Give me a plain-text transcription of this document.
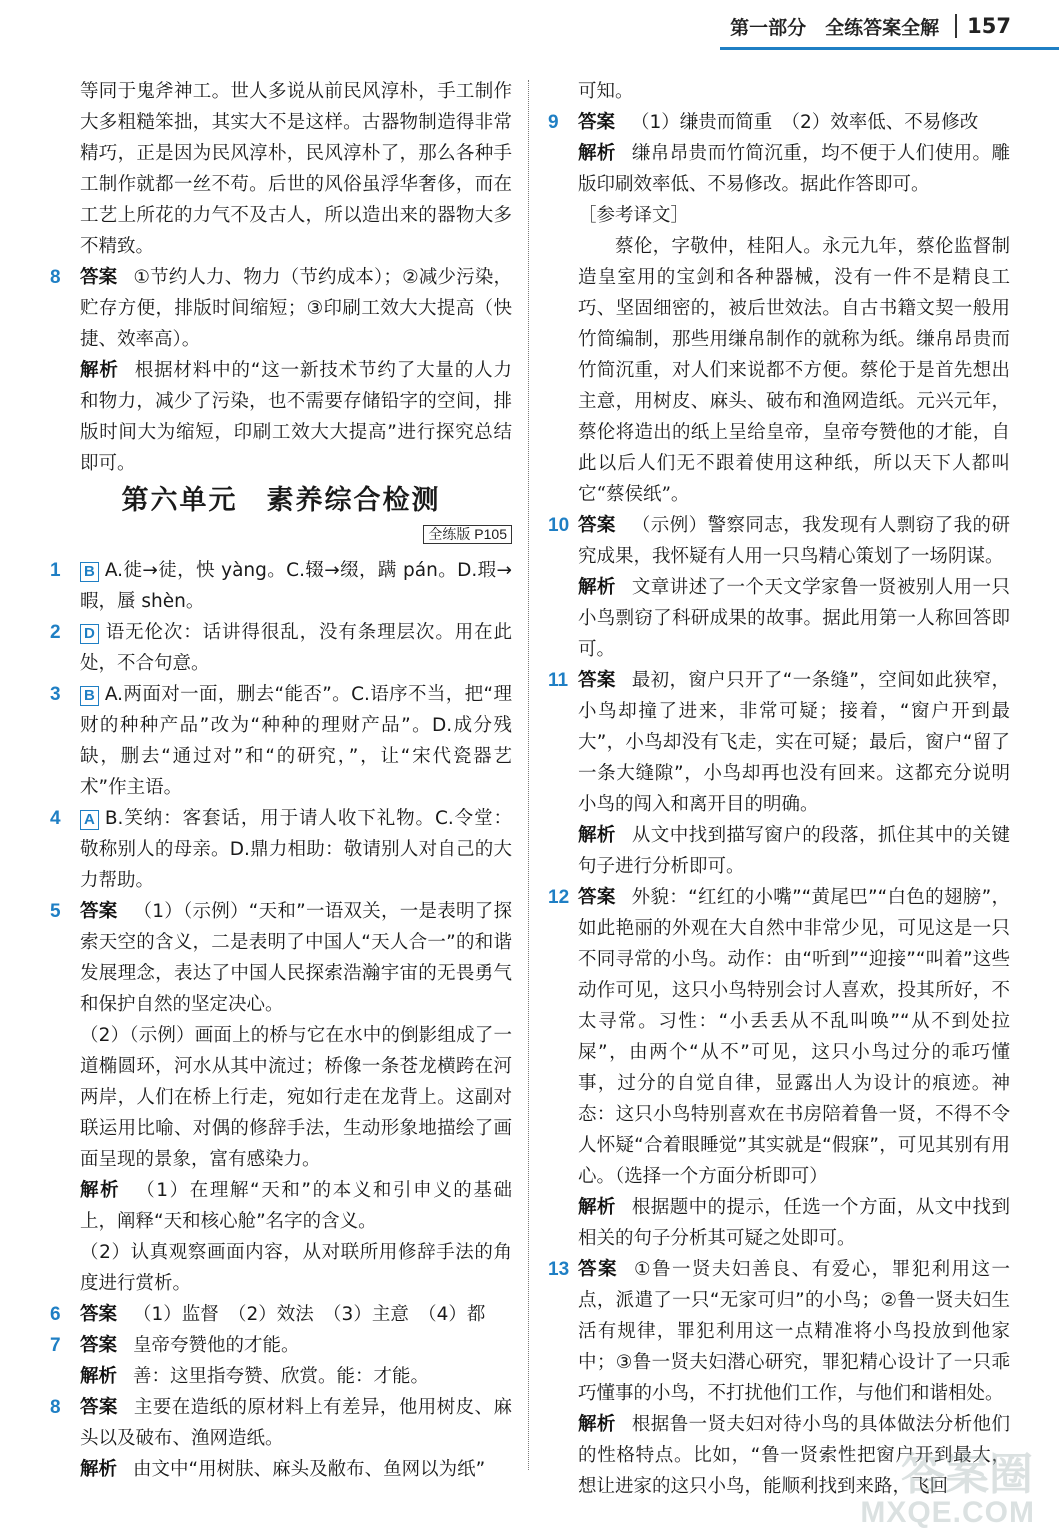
第一部分　全练答案全解	157

等同于鬼斧神工。世人多说从前民风淳朴，手工制作大多粗糙笨拙，其实大不是这样。古器物制造得非常精巧，正是因为民风淳朴，民风淳朴了，那么各种手工制作就都一丝不苟。后世的风俗虽浮华奢侈，而在工艺上所花的力气不及古人，所以造出来的器物大多不精致。

8 答案 ①节约人力、物力（节约成本）；②减少污染，贮存方便，排版时间缩短；③印刷工效大大提高（快捷、效率高）。

解析 根据材料中的“这一新技术节约了大量的人力和物力，减少了污染，也不需要存储铅字的空间，排版时间大为缩短，印刷工效大大提高”进行探究总结即可。

第六单元　素养综合检测
全练版 P105

1 B A.徙→徒，怏 yàng。C.辍→缀，蹒 pán。D.瑕→暇，蜃 shèn。

2 D 语无伦次：话讲得很乱，没有条理层次。用在此处，不合句意。

3 B A.两面对一面，删去“能否”。C.语序不当，把“理财的种种产品”改为“种种的理财产品”。D.成分残缺，删去“通过对”和“的研究，”，让“宋代瓷器艺术”作主语。

4 A B.笑纳：客套话，用于请人收下礼物。C.令堂：敬称别人的母亲。D.鼎力相助：敬请别人对自己的大力帮助。

5 答案 （1）（示例）“天和”一语双关，一是表明了探索天空的含义，二是表明了中国人“天人合一”的和谐发展理念，表达了中国人民探索浩瀚宇宙的无畏勇气和保护自然的坚定决心。

（2）（示例）画面上的桥与它在水中的倒影组成了一道椭圆环，河水从其中流过；桥像一条苍龙横跨在河两岸，人们在桥上行走，宛如行走在龙背上。这副对联运用比喻、对偶的修辞手法，生动形象地描绘了画面呈现的景象，富有感染力。

解析 （1）在理解“天和”的本义和引申义的基础上，阐释“天和核心舱”名字的含义。

（2）认真观察画面内容，从对联所用修辞手法的角度进行赏析。

6 答案 （1）监督　（2）效法　（3）主意　（4）都

7 答案 皇帝夸赞他的才能。

解析 善：这里指夸赞、欣赏。能：才能。

8 答案 主要在造纸的原材料上有差异，他用树皮、麻头以及破布、渔网造纸。

解析 由文中“用树肤、麻头及敝布、鱼网以为纸”

可知。

9 答案 （1）缣贵而简重　（2）效率低、不易修改

解析 缣帛昂贵而竹简沉重，均不便于人们使用。雕版印刷效率低、不易修改。据此作答即可。

［参考译文］

蔡伦，字敬仲，桂阳人。永元九年，蔡伦监督制造皇室用的宝剑和各种器械，没有一件不是精良工巧、坚固细密的，被后世效法。自古书籍文契一般用竹简编制，那些用缣帛制作的就称为纸。缣帛昂贵而竹简沉重，对人们来说都不方便。蔡伦于是首先想出主意，用树皮、麻头、破布和渔网造纸。元兴元年，蔡伦将造出的纸上呈给皇帝，皇帝夸赞他的才能，自此以后人们无不跟着使用这种纸，所以天下人都叫它“蔡侯纸”。

10 答案 （示例）警察同志，我发现有人剽窃了我的研究成果，我怀疑有人用一只鸟精心策划了一场阴谋。

解析 文章讲述了一个天文学家鲁一贤被别人用一只小鸟剽窃了科研成果的故事。据此用第一人称回答即可。

11 答案 最初，窗户只开了“一条缝”，空间如此狭窄，小鸟却撞了进来，非常可疑；接着，“窗户开到最大”，小鸟却没有飞走，实在可疑；最后，窗户“留了一条大缝隙”，小鸟却再也没有回来。这都充分说明小鸟的闯入和离开目的明确。

解析 从文中找到描写窗户的段落，抓住其中的关键句子进行分析即可。

12 答案 外貌：“红红的小嘴”“黄尾巴”“白色的翅膀”，如此艳丽的外观在大自然中非常少见，可见这是一只不同寻常的小鸟。动作：由“听到”“迎接”“叫着”这些动作可见，这只小鸟特别会讨人喜欢，投其所好，不太寻常。习性：“小丢丢从不乱叫唤”“从不到处拉屎”，由两个“从不”可见，这只小鸟过分的乖巧懂事，过分的自觉自律，显露出人为设计的痕迹。神态：这只小鸟特别喜欢在书房陪着鲁一贤，不得不令人怀疑“合着眼睡觉”其实就是“假寐”，可见其别有用心。（选择一个方面分析即可）

解析 根据题中的提示，任选一个方面，从文中找到相关的句子分析其可疑之处即可。

13 答案 ①鲁一贤夫妇善良、有爱心，罪犯利用这一点，派遣了一只“无家可归”的小鸟；②鲁一贤夫妇生活有规律，罪犯利用这一点精准将小鸟投放到他家中；③鲁一贤夫妇潜心研究，罪犯精心设计了一只乖巧懂事的小鸟，不打扰他们工作，与他们和谐相处。

解析 根据鲁一贤夫妇对待小鸟的具体做法分析他们的性格特点。比如，“鲁一贤索性把窗户开到最大，想让进家的这只小鸟，能顺利找到来路，飞回

答案圈
MXQE.COM
